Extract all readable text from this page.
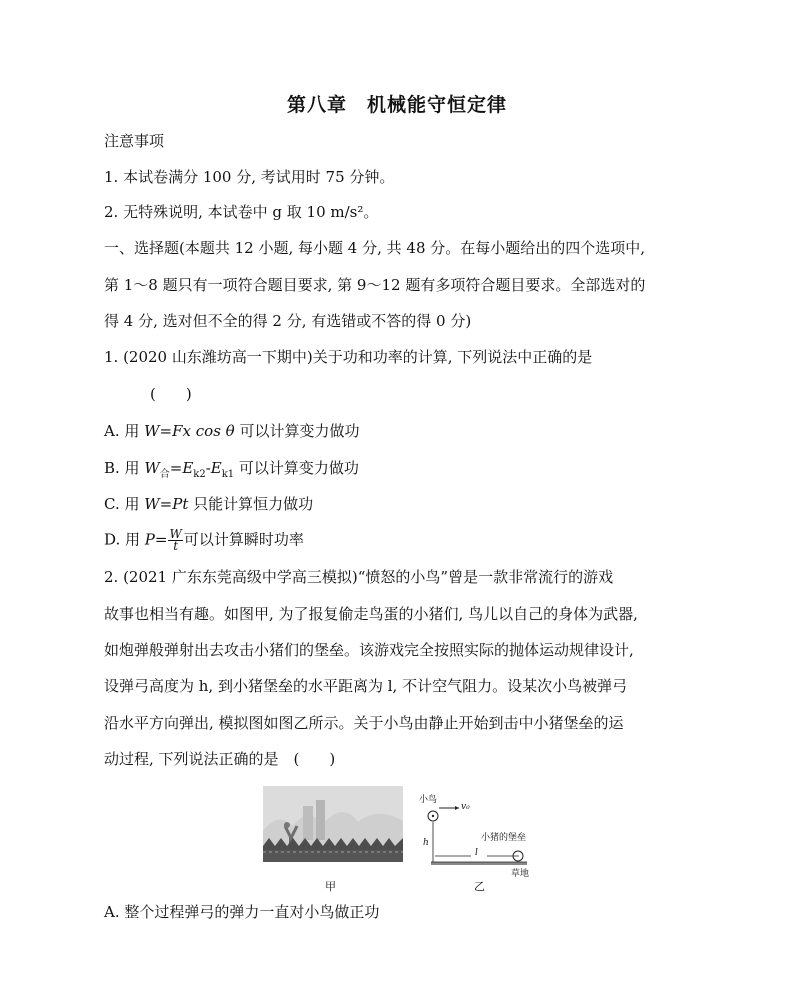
第八章　机械能守恒定律
注意事项
1. 本试卷满分 100 分, 考试用时 75 分钟。
2. 无特殊说明, 本试卷中 g 取 10 m/s²。
一、选择题(本题共 12 小题, 每小题 4 分, 共 48 分。在每小题给出的四个选项中,
第 1～8 题只有一项符合题目要求, 第 9～12 题有多项符合题目要求。全部选对的
得 4 分, 选对但不全的得 2 分, 有选错或不答的得 0 分)
1. (2020 山东潍坊高一下期中)关于功和功率的计算, 下列说法中正确的是
(　　)
A. 用 W=Fx cos θ 可以计算变力做功
B. 用 $W_合=E_{k2}-E_{k1}$ 可以计算变力做功
C. 用 W=Pt 只能计算恒力做功
D. 用 $P= \frac{W}{t}$ 可以计算瞬时功率
2. (2021 广东东莞高级中学高三模拟)“愤怒的小鸟”曾是一款非常流行的游戏
故事也相当有趣。如图甲, 为了报复偷走鸟蛋的小猪们, 鸟儿以自己的身体为武器,
如炮弹般弹射出去攻击小猪们的堡垒。该游戏完全按照实际的抛体运动规律设计,
设弹弓高度为 h, 到小猪堡垒的水平距离为 l, 不计空气阻力。设某次小鸟被弹弓
沿水平方向弹出, 模拟图如图乙所示。关于小鸟由静止开始到击中小猪堡垒的运
动过程, 下列说法正确的是　(　　)
甲
小鸟
v₀
h
l
小猪的堡垒
草地
乙
A. 整个过程弹弓的弹力一直对小鸟做正功
